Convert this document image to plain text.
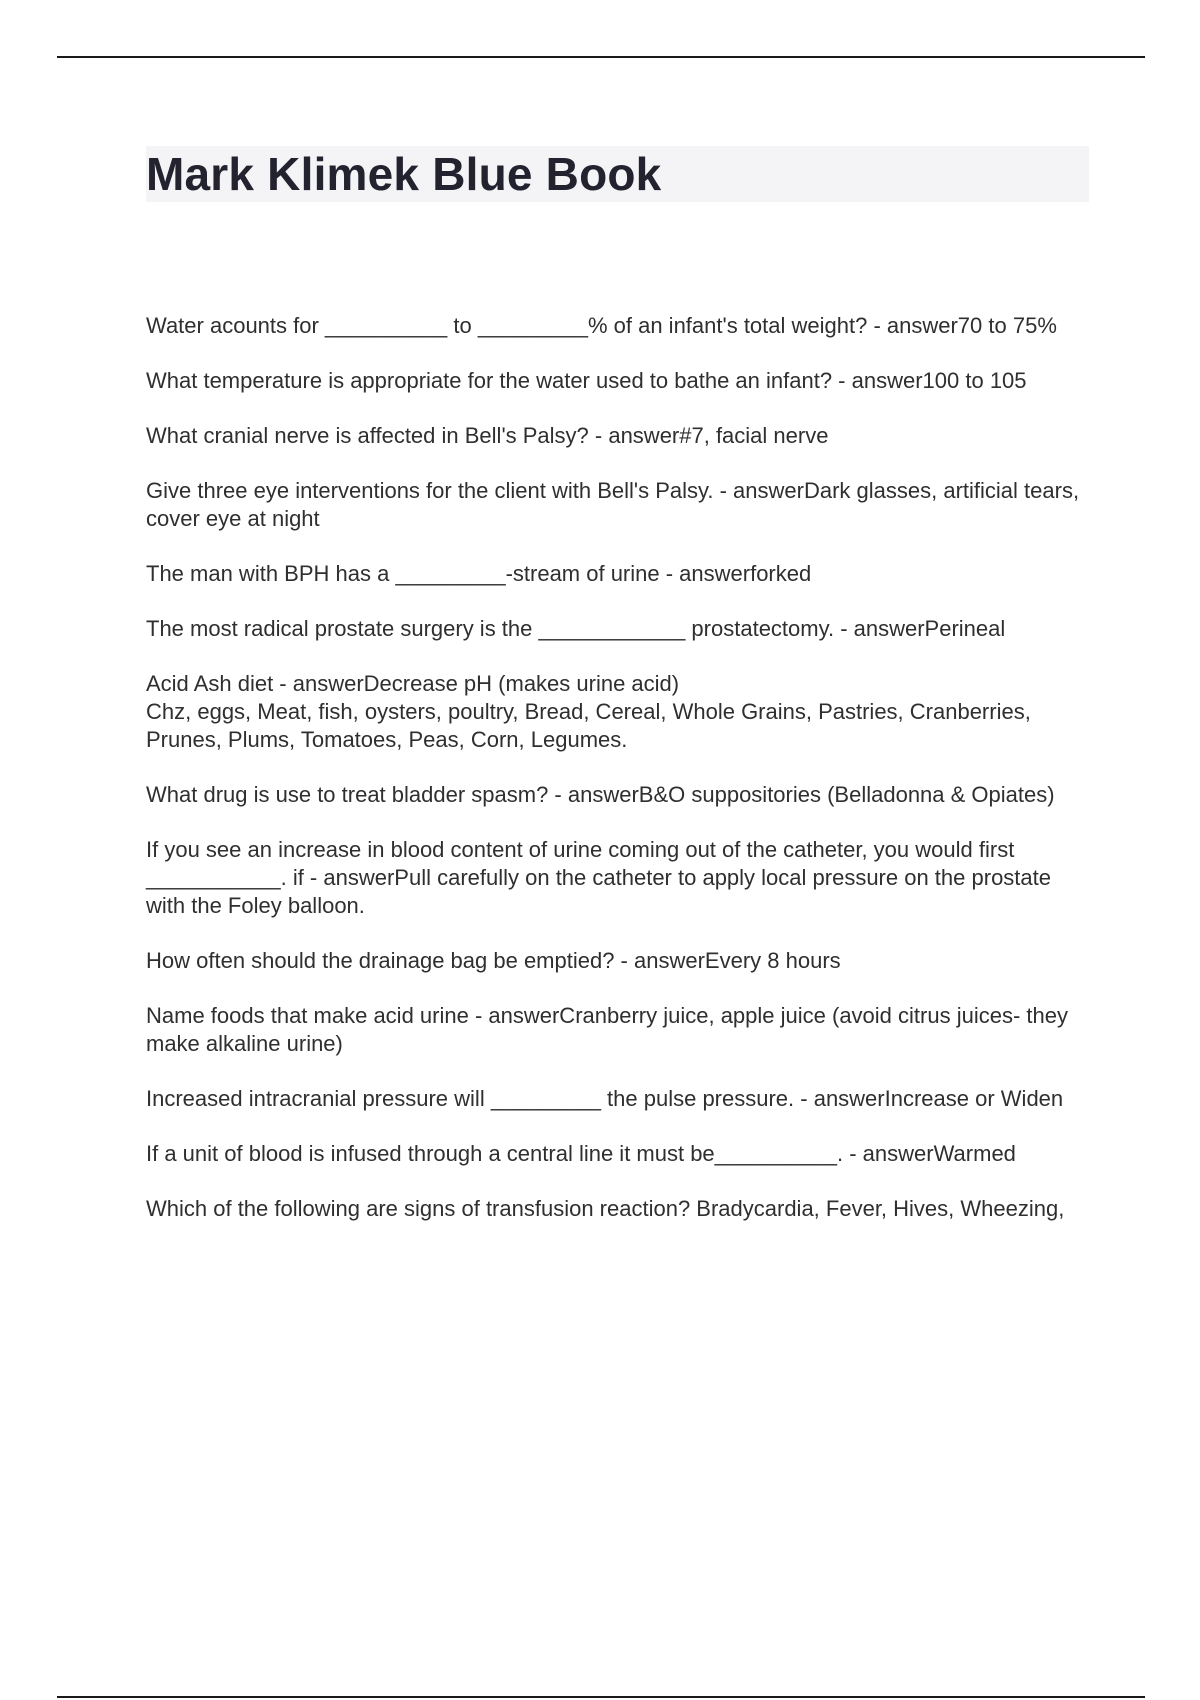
Mark Klimek Blue Book

Water acounts for __________ to _________% of an infant's total weight? - answer70 to 75%

What temperature is appropriate for the water used to bathe an infant? - answer100 to 105

What cranial nerve is affected in Bell's Palsy? - answer#7, facial nerve

Give three eye interventions for the client with Bell's Palsy. - answerDark glasses, artificial tears, cover eye at night

The man with BPH has a _________-stream of urine - answerforked

The most radical prostate surgery is the ____________ prostatectomy. - answerPerineal

Acid Ash diet - answerDecrease pH (makes urine acid)
Chz, eggs, Meat, fish, oysters, poultry, Bread, Cereal, Whole Grains, Pastries, Cranberries, Prunes, Plums, Tomatoes, Peas, Corn, Legumes.

What drug is use to treat bladder spasm? - answerB&O suppositories (Belladonna & Opiates)

If you see an increase in blood content of urine coming out of the catheter, you would first ___________. if - answerPull carefully on the catheter to apply local pressure on the prostate with the Foley balloon.

How often should the drainage bag be emptied? - answerEvery 8 hours

Name foods that make acid urine - answerCranberry juice, apple juice (avoid citrus juices- they make alkaline urine)

Increased intracranial pressure will _________ the pulse pressure. - answerIncrease or Widen

If a unit of blood is infused through a central line it must be__________. - answerWarmed

Which of the following are signs of transfusion reaction? Bradycardia, Fever, Hives, Wheezing,
